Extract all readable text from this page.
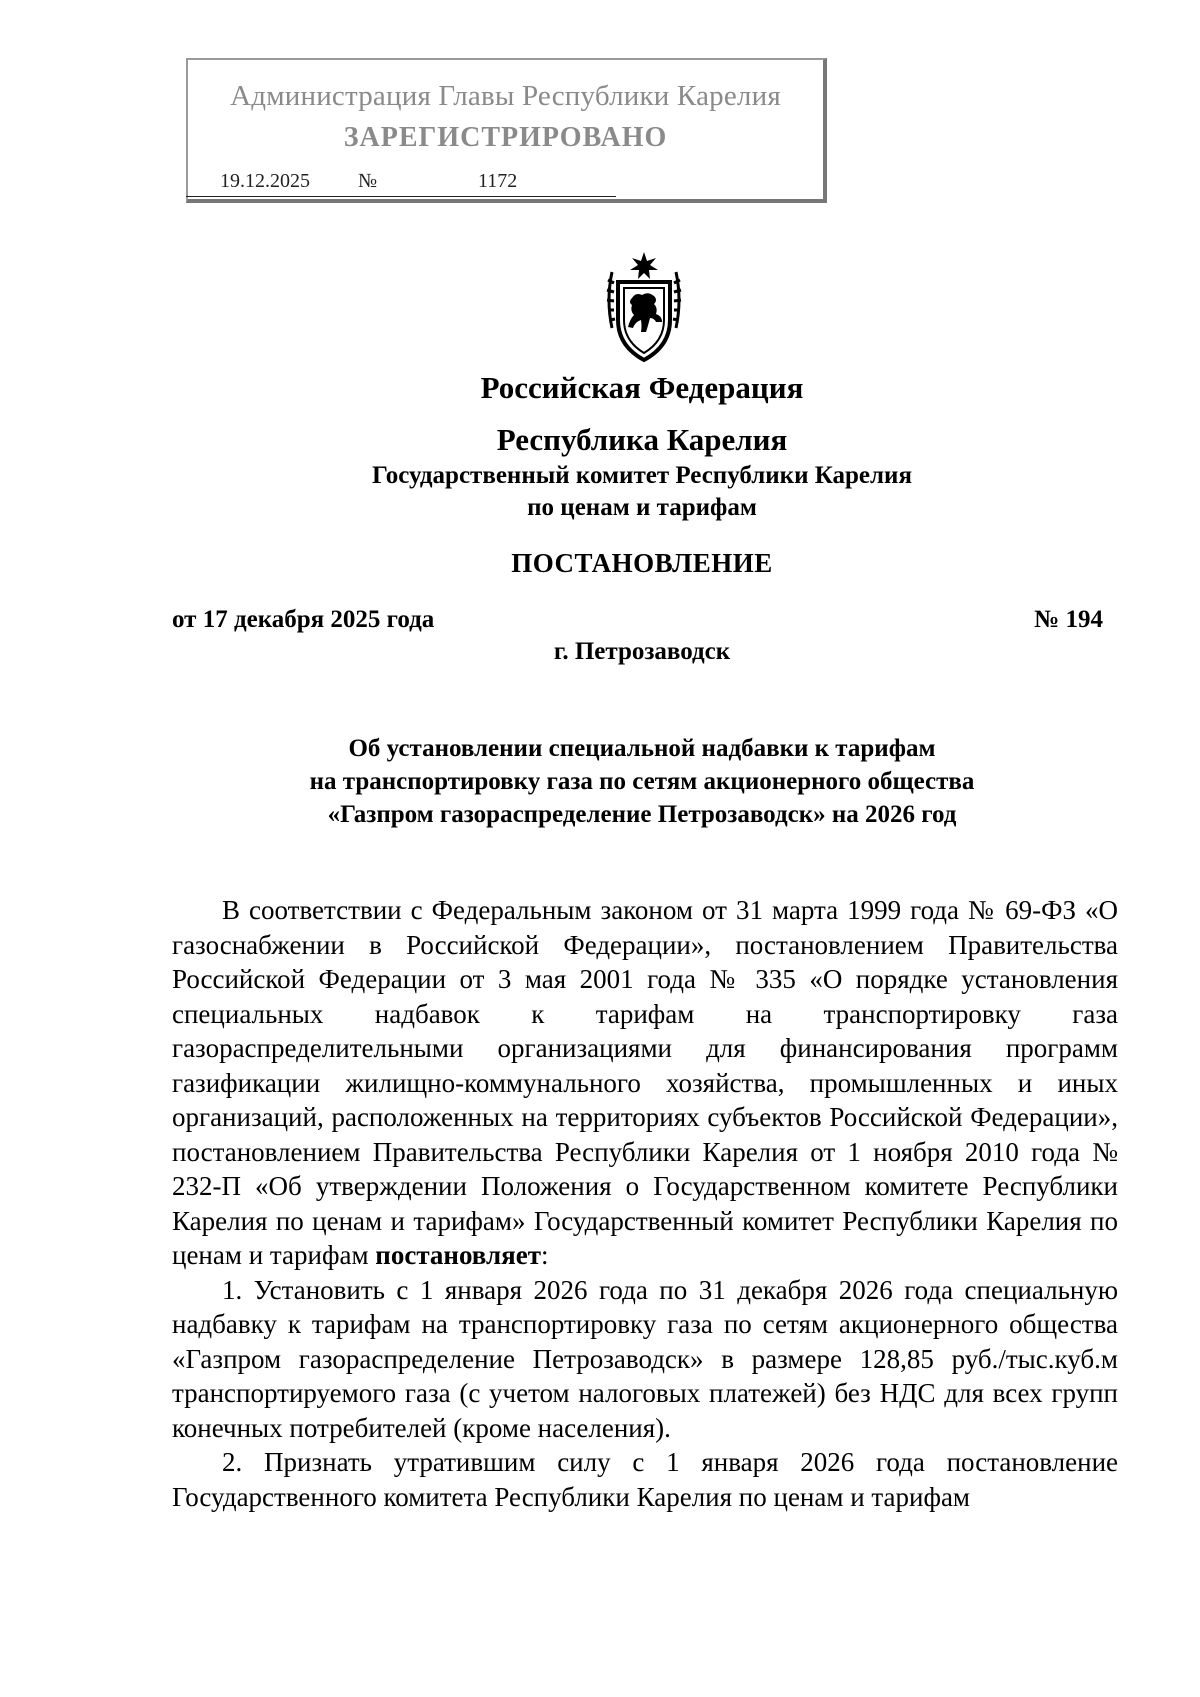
Администрация Главы Республики Карелия
ЗАРЕГИСТРИРОВАНО
19.12.2025 №	1172
Российская Федерация
Республика Карелия
Государственный комитет Республики Карелия
по ценам и тарифам
ПОСТАНОВЛЕНИЕ
от 17 декабря 2025 года	№ 194
г. Петрозаводск
Об установлении специальной надбавки к тарифам
на транспортировку газа по сетям акционерного общества
«Газпром газораспределение Петрозаводск» на 2026 год

В соответствии с Федеральным законом от 31 марта 1999 года № 69-ФЗ «О газоснабжении в Российской Федерации», постановлением Правительства Российской Федерации от 3 мая 2001 года № 335 «О порядке установления специальных надбавок к тарифам на транспортировку газа газораспределительными организациями для финансирования программ газификации жилищно-коммунального хозяйства, промышленных и иных организаций, расположенных на территориях субъектов Российской Федерации», постановлением Правительства Республики Карелия от 1 ноября 2010 года № 232-П «Об утверждении Положения о Государственном комитете Республики Карелия по ценам и тарифам» Государственный комитет Республики Карелия по ценам и тарифам постановляет:

1. Установить с 1 января 2026 года по 31 декабря 2026 года специальную надбавку к тарифам на транспортировку газа по сетям акционерного общества «Газпром газораспределение Петрозаводск» в размере 128,85 руб./тыс.куб.м транспортируемого газа (с учетом налоговых платежей) без НДС для всех групп конечных потребителей (кроме населения).

2. Признать утратившим силу с 1 января 2026 года постановление Государственного комитета Республики Карелия по ценам и тарифам
